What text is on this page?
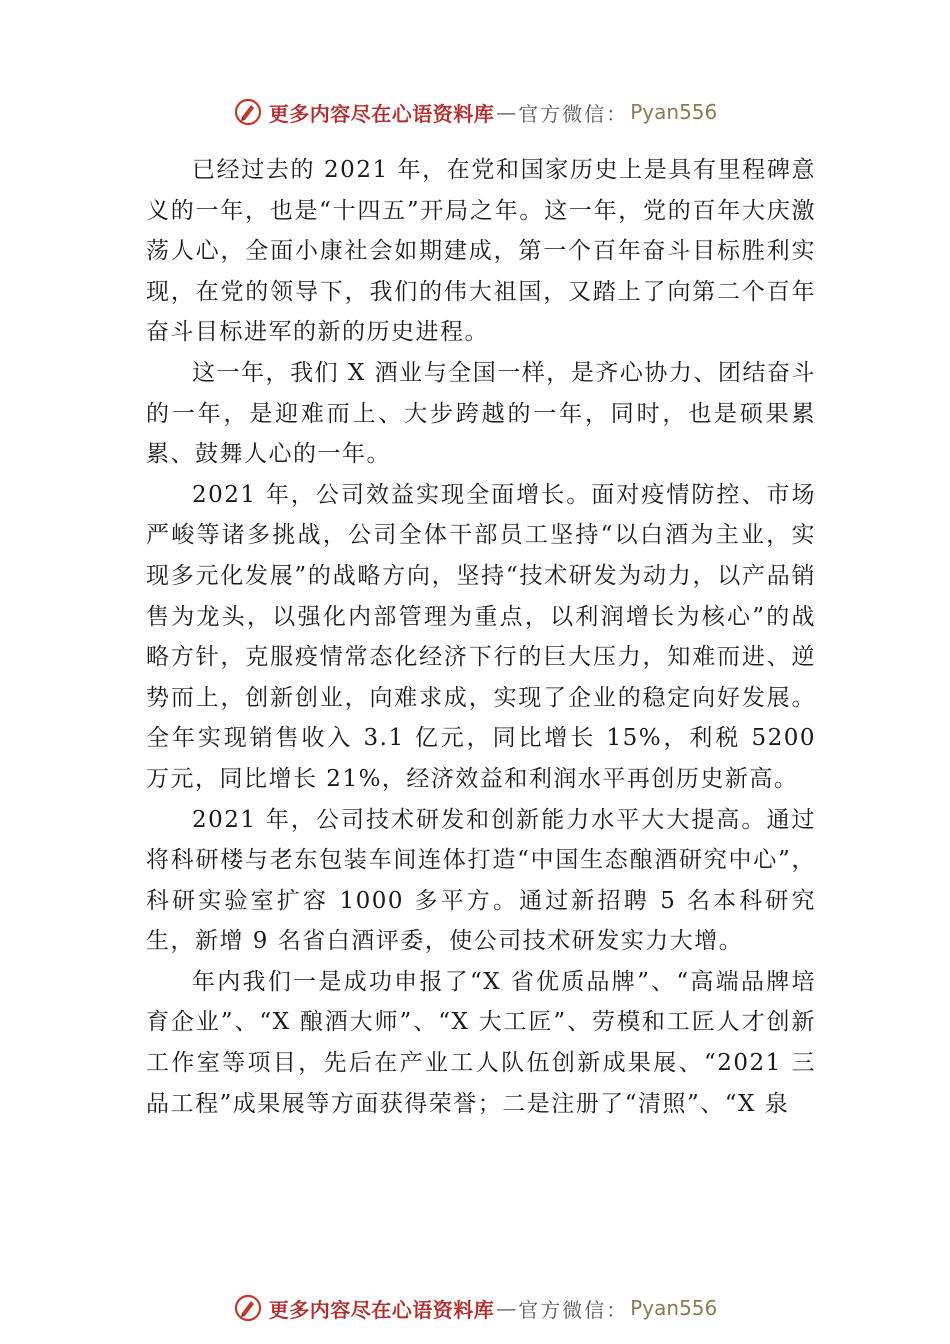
更多内容尽在心语资料库 — 官方微信： Pyan556

已经过去的 2021 年，在党和国家历史上是具有里程碑意义的一年，也是“十四五”开局之年。这一年，党的百年大庆激荡人心，全面小康社会如期建成，第一个百年奋斗目标胜利实现，在党的领导下，我们的伟大祖国，又踏上了向第二个百年奋斗目标进军的新的历史进程。

这一年，我们 X 酒业与全国一样，是齐心协力、团结奋斗的一年，是迎难而上、大步跨越的一年，同时，也是硕果累累、鼓舞人心的一年。

2021 年，公司效益实现全面增长。面对疫情防控、市场严峻等诸多挑战，公司全体干部员工坚持“以白酒为主业，实现多元化发展”的战略方向，坚持“技术研发为动力，以产品销售为龙头，以强化内部管理为重点，以利润增长为核心”的战略方针，克服疫情常态化经济下行的巨大压力，知难而进、逆势而上，创新创业，向难求成，实现了企业的稳定向好发展。全年实现销售收入 3.1 亿元，同比增长 15%，利税 5200 万元，同比增长 21%，经济效益和利润水平再创历史新高。

2021 年，公司技术研发和创新能力水平大大提高。通过将科研楼与老东包装车间连体打造“中国生态酿酒研究中心”，科研实验室扩容 1000 多平方。通过新招聘 5 名本科研究生，新增 9 名省白酒评委，使公司技术研发实力大增。

年内我们一是成功申报了“X 省优质品牌”、“高端品牌培育企业”、“X 酿酒大师”、“X 大工匠”、劳模和工匠人才创新工作室等项目，先后在产业工人队伍创新成果展、“2021 三品工程”成果展等方面获得荣誉；二是注册了“清照”、“X 泉

更多内容尽在心语资料库 — 官方微信： Pyan556
